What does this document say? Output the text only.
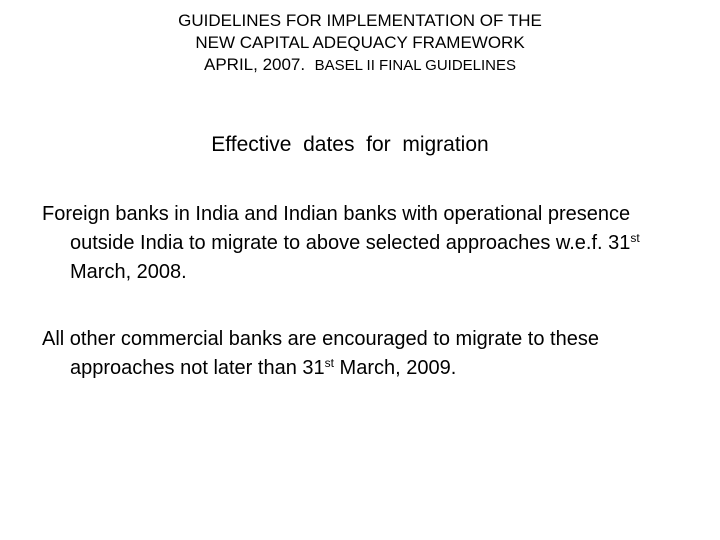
GUIDELINES FOR IMPLEMENTATION OF THE
NEW CAPITAL ADEQUACY FRAMEWORK
APRIL, 2007.  BASEL II FINAL GUIDELINES
Effective  dates  for  migration

Foreign banks in India and Indian banks with operational presence outside India to migrate to above selected approaches w.e.f. 31st  March, 2008.

All other commercial banks are encouraged to migrate to these approaches not later than 31st March, 2009.
